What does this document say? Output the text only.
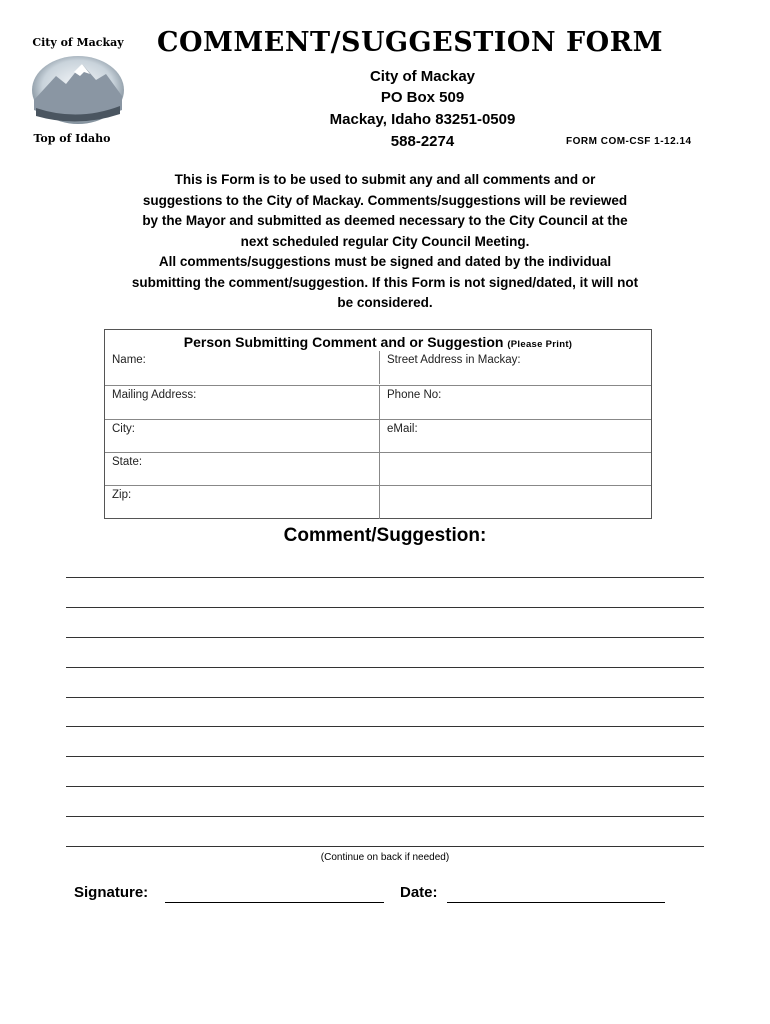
City of Mackay
Top of Idaho
COMMENT/SUGGESTION FORM
City of Mackay
PO Box 509
Mackay, Idaho 83251-0509
588-2274	FORM COM-CSF 1-12.14
This is Form is to be used to submit any and all comments and or
suggestions to the City of Mackay. Comments/suggestions will be reviewed
by the Mayor and submitted as deemed necessary to the City Council at the
next scheduled regular City Council Meeting.
All comments/suggestions must be signed and dated by the individual
submitting the comment/suggestion. If this Form is not signed/dated, it will not
be considered.
Person Submitting Comment and or Suggestion (Please Print)
Name:	Street Address in Mackay:
Mailing Address:	Phone No:
City:	eMail:
State:
Zip:
Comment/Suggestion:
(Continue on back if needed)
Signature:	Date:
